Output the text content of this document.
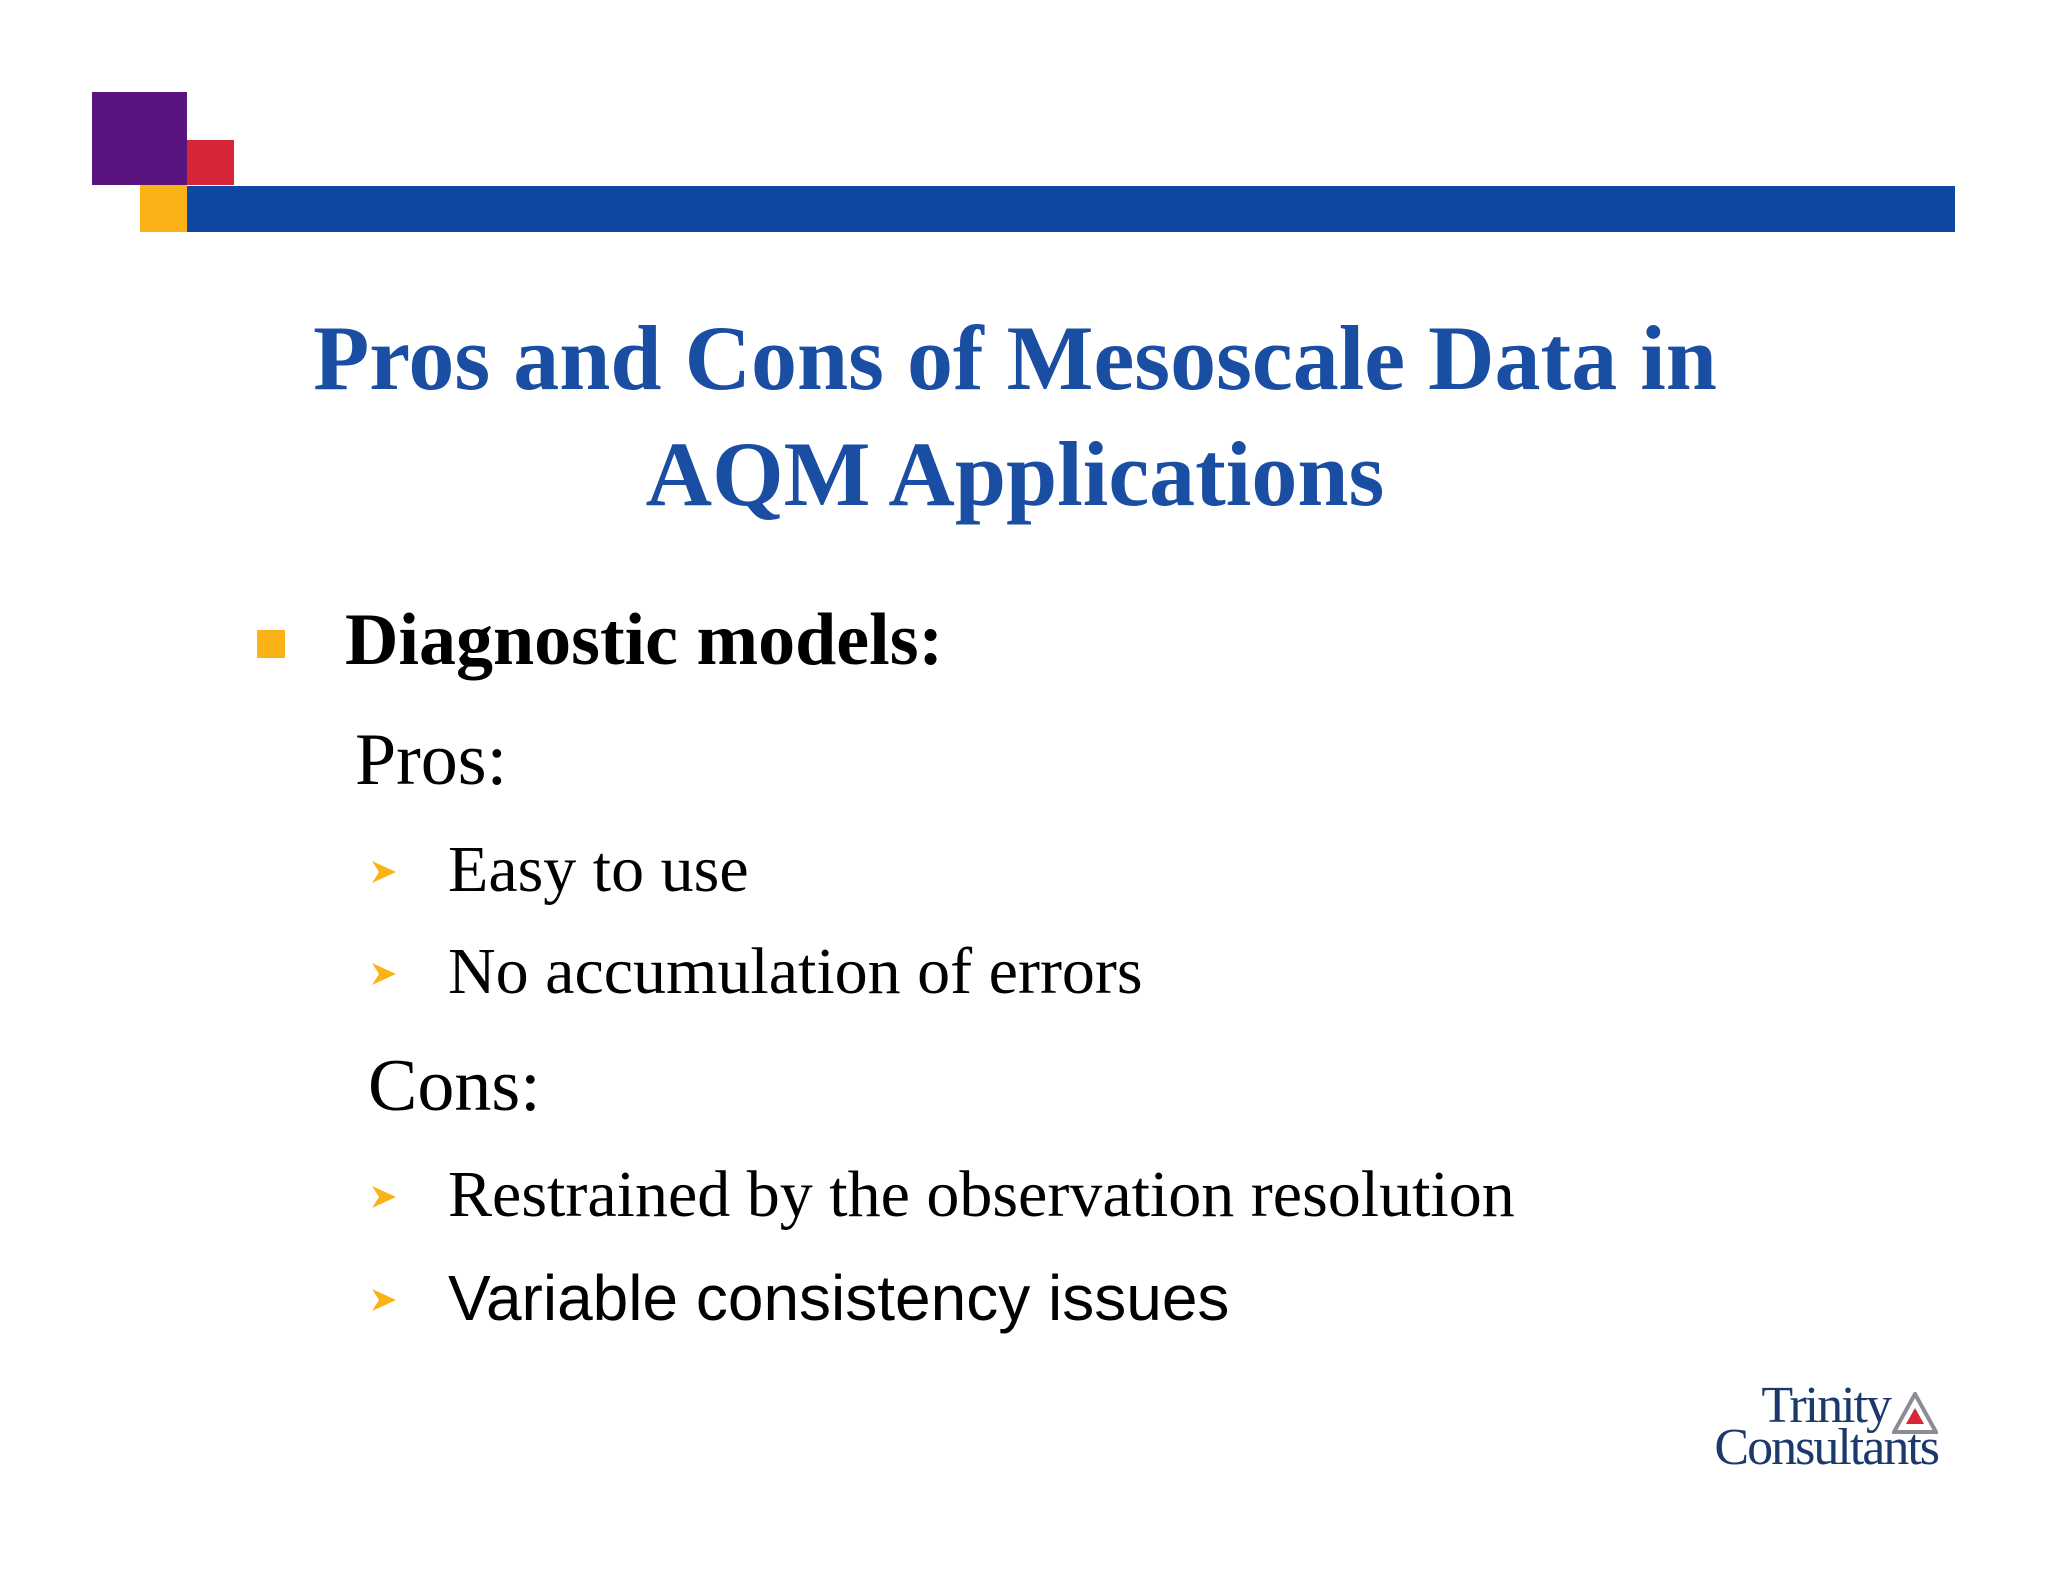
Pros and Cons of Mesoscale Data in
AQM Applications
Diagnostic models:
Pros:
Easy to use
No accumulation of errors
Cons:
Restrained by the observation resolution
Variable consistency issues
Trinity
Consultants
